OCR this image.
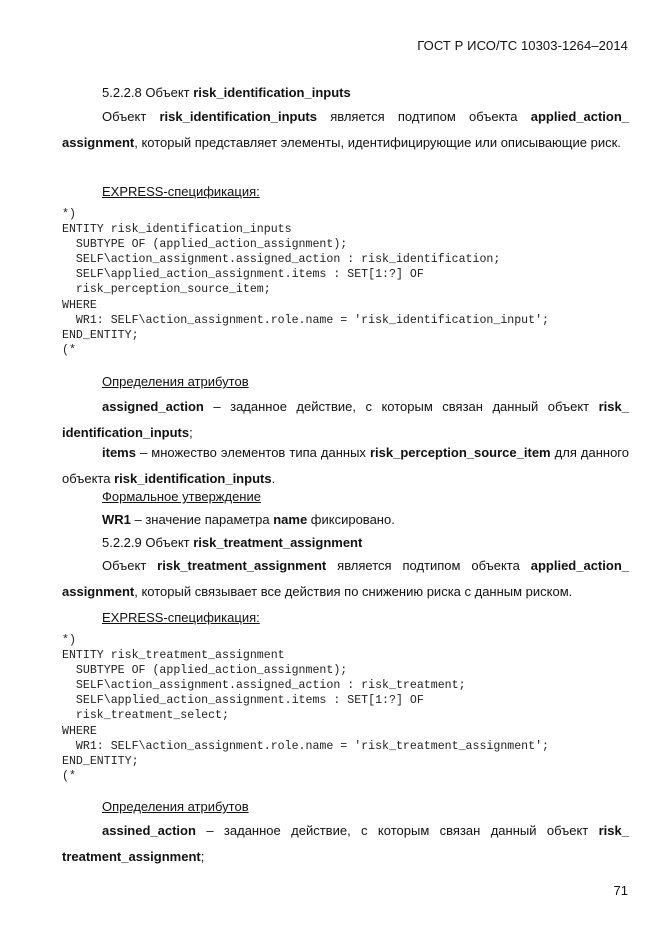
ГОСТ Р ИСО/ТС 10303-1264–2014

5.2.2.8 Объект risk_identification_inputs

Объект risk_identification_inputs является подтипом объекта applied_action_ assignment, который представляет элементы, идентифицирующие или описывающие риск.

EXPRESS-спецификация:

*)
ENTITY risk_identification_inputs
SUBTYPE OF (applied_action_assignment);
SELF\action_assignment.assigned_action : risk_identification;
SELF\applied_action_assignment.items : SET[1:?] OF
risk_perception_source_item;
WHERE
WR1: SELF\action_assignment.role.name = 'risk_identification_input';
END_ENTITY;
(*

Определения атрибутов

assigned_action – заданное действие, с которым связан данный объект risk_ identification_inputs;

items – множество элементов типа данных risk_perception_source_item для данного объекта risk_identification_inputs.

Формальное утверждение

WR1 – значение параметра name фиксировано.

5.2.2.9 Объект risk_treatment_assignment

Объект risk_treatment_assignment является подтипом объекта applied_action_ assignment, который связывает все действия по снижению риска с данным риском.

EXPRESS-спецификация:

*)
ENTITY risk_treatment_assignment
SUBTYPE OF (applied_action_assignment);
SELF\action_assignment.assigned_action : risk_treatment;
SELF\applied_action_assignment.items : SET[1:?] OF
risk_treatment_select;
WHERE
WR1: SELF\action_assignment.role.name = 'risk_treatment_assignment';
END_ENTITY;
(*

Определения атрибутов

assined_action – заданное действие, с которым связан данный объект risk_ treatment_assignment;

71
